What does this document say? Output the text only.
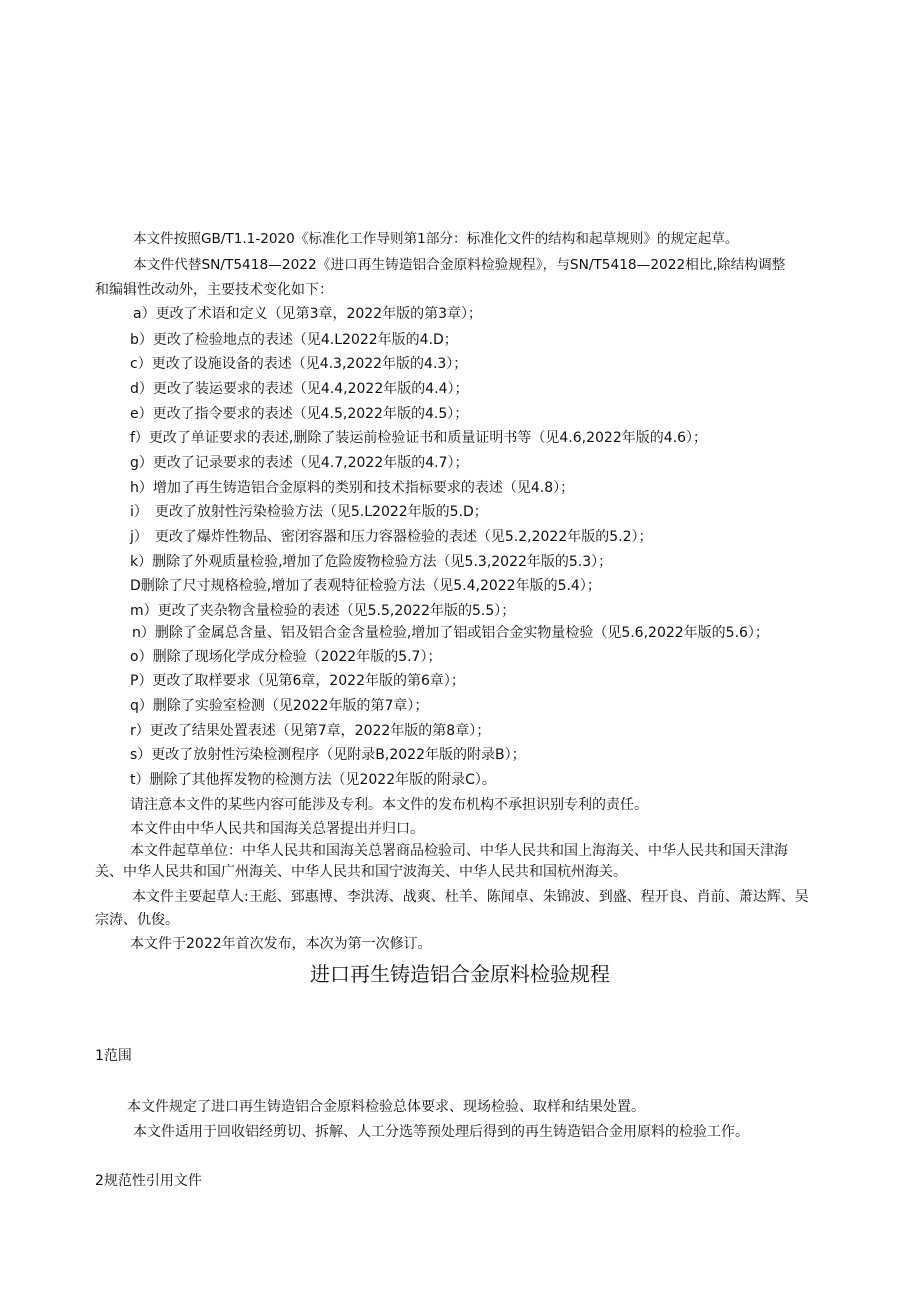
本文件按照GB/T1.1-2020《标准化工作导则第1部分：标准化文件的结构和起草规则》的规定起草。
本文件代替SN/T5418—2022《进口再生铸造铝合金原料检验规程》，与SN/T5418—2022相比,除结构调整
和编辑性改动外，主要技术变化如下：
a）更改了术语和定义（见第3章，2022年版的第3章）；
b）更改了检验地点的表述（见4.L2022年版的4.D；
c）更改了设施设备的表述（见4.3,2022年版的4.3）；
d）更改了装运要求的表述（见4.4,2022年版的4.4）；
e）更改了指令要求的表述（见4.5,2022年版的4.5）；
f）更改了单证要求的表述,删除了装运前检验证书和质量证明书等（见4.6,2022年版的4.6）；
g）更改了记录要求的表述（见4.7,2022年版的4.7）；
h）增加了再生铸造铝合金原料的类别和技术指标要求的表述（见4.8）；
i）　更改了放射性污染检验方法（见5.L2022年版的5.D；
j）　更改了爆炸性物品、密闭容器和压力容器检验的表述（见5.2,2022年版的5.2）；
k）删除了外观质量检验,增加了危险废物检验方法（见5.3,2022年版的5.3）；
D删除了尺寸规格检验,增加了表观特征检验方法（见5.4,2022年版的5.4）；
m）更改了夹杂物含量检验的表述（见5.5,2022年版的5.5）；
n）删除了金属总含量、铝及铝合金含量检验,增加了铝或铝合金实物量检验（见5.6,2022年版的5.6）；
o）删除了现场化学成分检验（2022年版的5.7）；
P）更改了取样要求（见第6章，2022年版的第6章）；
q）删除了实验室检测（见2022年版的第7章）；
r）更改了结果处置表述（见第7章，2022年版的第8章）；
s）更改了放射性污染检测程序（见附录B,2022年版的附录B）；
t）删除了其他挥发物的检测方法（见2022年版的附录C）。
请注意本文件的某些内容可能涉及专利。本文件的发布机构不承担识别专利的责任。
本文件由中华人民共和国海关总署提出并归口。
本文件起草单位：中华人民共和国海关总署商品检验司、中华人民共和国上海海关、中华人民共和国天津海
关、中华人民共和国广州海关、中华人民共和国宁波海关、中华人民共和国杭州海关。
本文件主要起草人:王彪、郅惠博、李洪涛、战爽、杜羊、陈闻卓、朱锦波、到盛、程开良、肖前、萧达辉、吴
宗涛、仇俊。
本文件于2022年首次发布，本次为第一次修订。
进口再生铸造铝合金原料检验规程
1范围
本文件规定了进口再生铸造铝合金原料检验总体要求、现场检验、取样和结果处置。
本文件适用于回收铝经剪切、拆解、人工分选等预处理后得到的再生铸造铝合金用原料的检验工作。
2规范性引用文件
